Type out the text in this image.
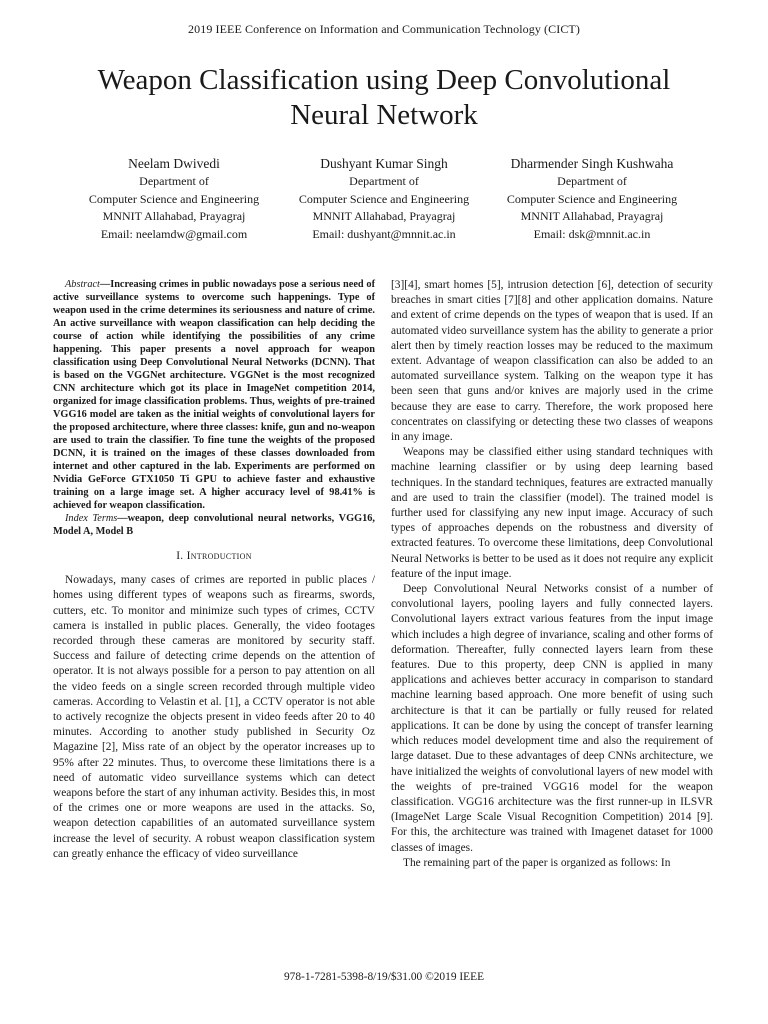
2019 IEEE Conference on Information and Communication Technology (CICT)
Weapon Classification using Deep Convolutional
Neural Network
Neelam Dwivedi
Department of
Computer Science and Engineering
MNNIT Allahabad, Prayagraj
Email: neelamdw@gmail.com
Dushyant Kumar Singh
Department of
Computer Science and Engineering
MNNIT Allahabad, Prayagraj
Email: dushyant@mnnit.ac.in
Dharmender Singh Kushwaha
Department of
Computer Science and Engineering
MNNIT Allahabad, Prayagraj
Email: dsk@mnnit.ac.in

Abstract—Increasing crimes in public nowadays pose a serious need of active surveillance systems to overcome such happenings. Type of weapon used in the crime determines its seriousness and nature of crime. An active surveillance with weapon classification can help deciding the course of action while identifying the possibilities of any crime happening. This paper presents a novel approach for weapon classification using Deep Convolutional Neural Networks (DCNN). That is based on the VGGNet architecture. VGGNet is the most recognized CNN architecture which got its place in ImageNet competition 2014, organized for image classification problems. Thus, weights of pre-trained VGG16 model are taken as the initial weights of convolutional layers for the proposed architecture, where three classes: knife, gun and no-weapon are used to train the classifier. To fine tune the weights of the proposed DCNN, it is trained on the images of these classes downloaded from internet and other captured in the lab. Experiments are performed on Nvidia GeForce GTX1050 Ti GPU to achieve faster and exhaustive training on a large image set. A higher accuracy level of 98.41% is achieved for weapon classification.

Index Terms—weapon, deep convolutional neural networks, VGG16, Model A, Model B

I. Introduction

Nowadays, many cases of crimes are reported in public places / homes using different types of weapons such as firearms, swords, cutters, etc. To monitor and minimize such types of crimes, CCTV camera is installed in public places. Generally, the video footages recorded through these cameras are monitored by security staff. Success and failure of detecting crime depends on the attention of operator. It is not always possible for a person to pay attention on all the video feeds on a single screen recorded through multiple video cameras. According to Velastin et al. [1], a CCTV operator is not able to actively recognize the objects present in video feeds after 20 to 40 minutes. According to another study published in Security Oz Magazine [2], Miss rate of an object by the operator increases up to 95% after 22 minutes. Thus, to overcome these limitations there is a need of automatic video surveillance systems which can detect weapons before the start of any inhuman activity. Besides this, in most of the crimes one or more weapons are used in the attacks. So, weapon detection capabilities of an automated surveillance system increase the level of security. A robust weapon classification system can greatly enhance the efficacy of video surveillance

[3][4], smart homes [5], intrusion detection [6], detection of security breaches in smart cities [7][8] and other application domains. Nature and extent of crime depends on the types of weapon that is used. If an automated video surveillance system has the ability to generate a prior alert then by timely reaction losses may be reduced to the maximum extent. Advantage of weapon classification can also be added to an automated surveillance system. Talking on the weapon type it has been seen that guns and/or knives are majorly used in the crime because they are ease to carry. Therefore, the work proposed here concentrates on classifying or detecting these two classes of weapons in any image.

Weapons may be classified either using standard techniques with machine learning classifier or by using deep learning based techniques. In the standard techniques, features are extracted manually and are used to train the classifier (model). The trained model is further used for classifying any new input image. Accuracy of such types of approaches depends on the robustness and diversity of extracted features. To overcome these limitations, deep Convolutional Neural Networks is better to be used as it does not require any explicit feature of the input image.

Deep Convolutional Neural Networks consist of a number of convolutional layers, pooling layers and fully connected layers. Convolutional layers extract various features from the input image which includes a high degree of invariance, scaling and other forms of deformation. Thereafter, fully connected layers learn from these features. Due to this property, deep CNN is applied in many applications and achieves better accuracy in comparison to standard machine learning based approach. One more benefit of using such architecture is that it can be partially or fully reused for related applications. It can be done by using the concept of transfer learning which reduces model development time and also the requirement of large dataset. Due to these advantages of deep CNNs architecture, we have initialized the weights of convolutional layers of new model with the weights of pre-trained VGG16 model for the weapon classification. VGG16 architecture was the first runner-up in ILSVR (ImageNet Large Scale Visual Recognition Competition) 2014 [9]. For this, the architecture was trained with Imagenet dataset for 1000 classes of images.

The remaining part of the paper is organized as follows: In

978-1-7281-5398-8/19/$31.00 ©2019 IEEE
